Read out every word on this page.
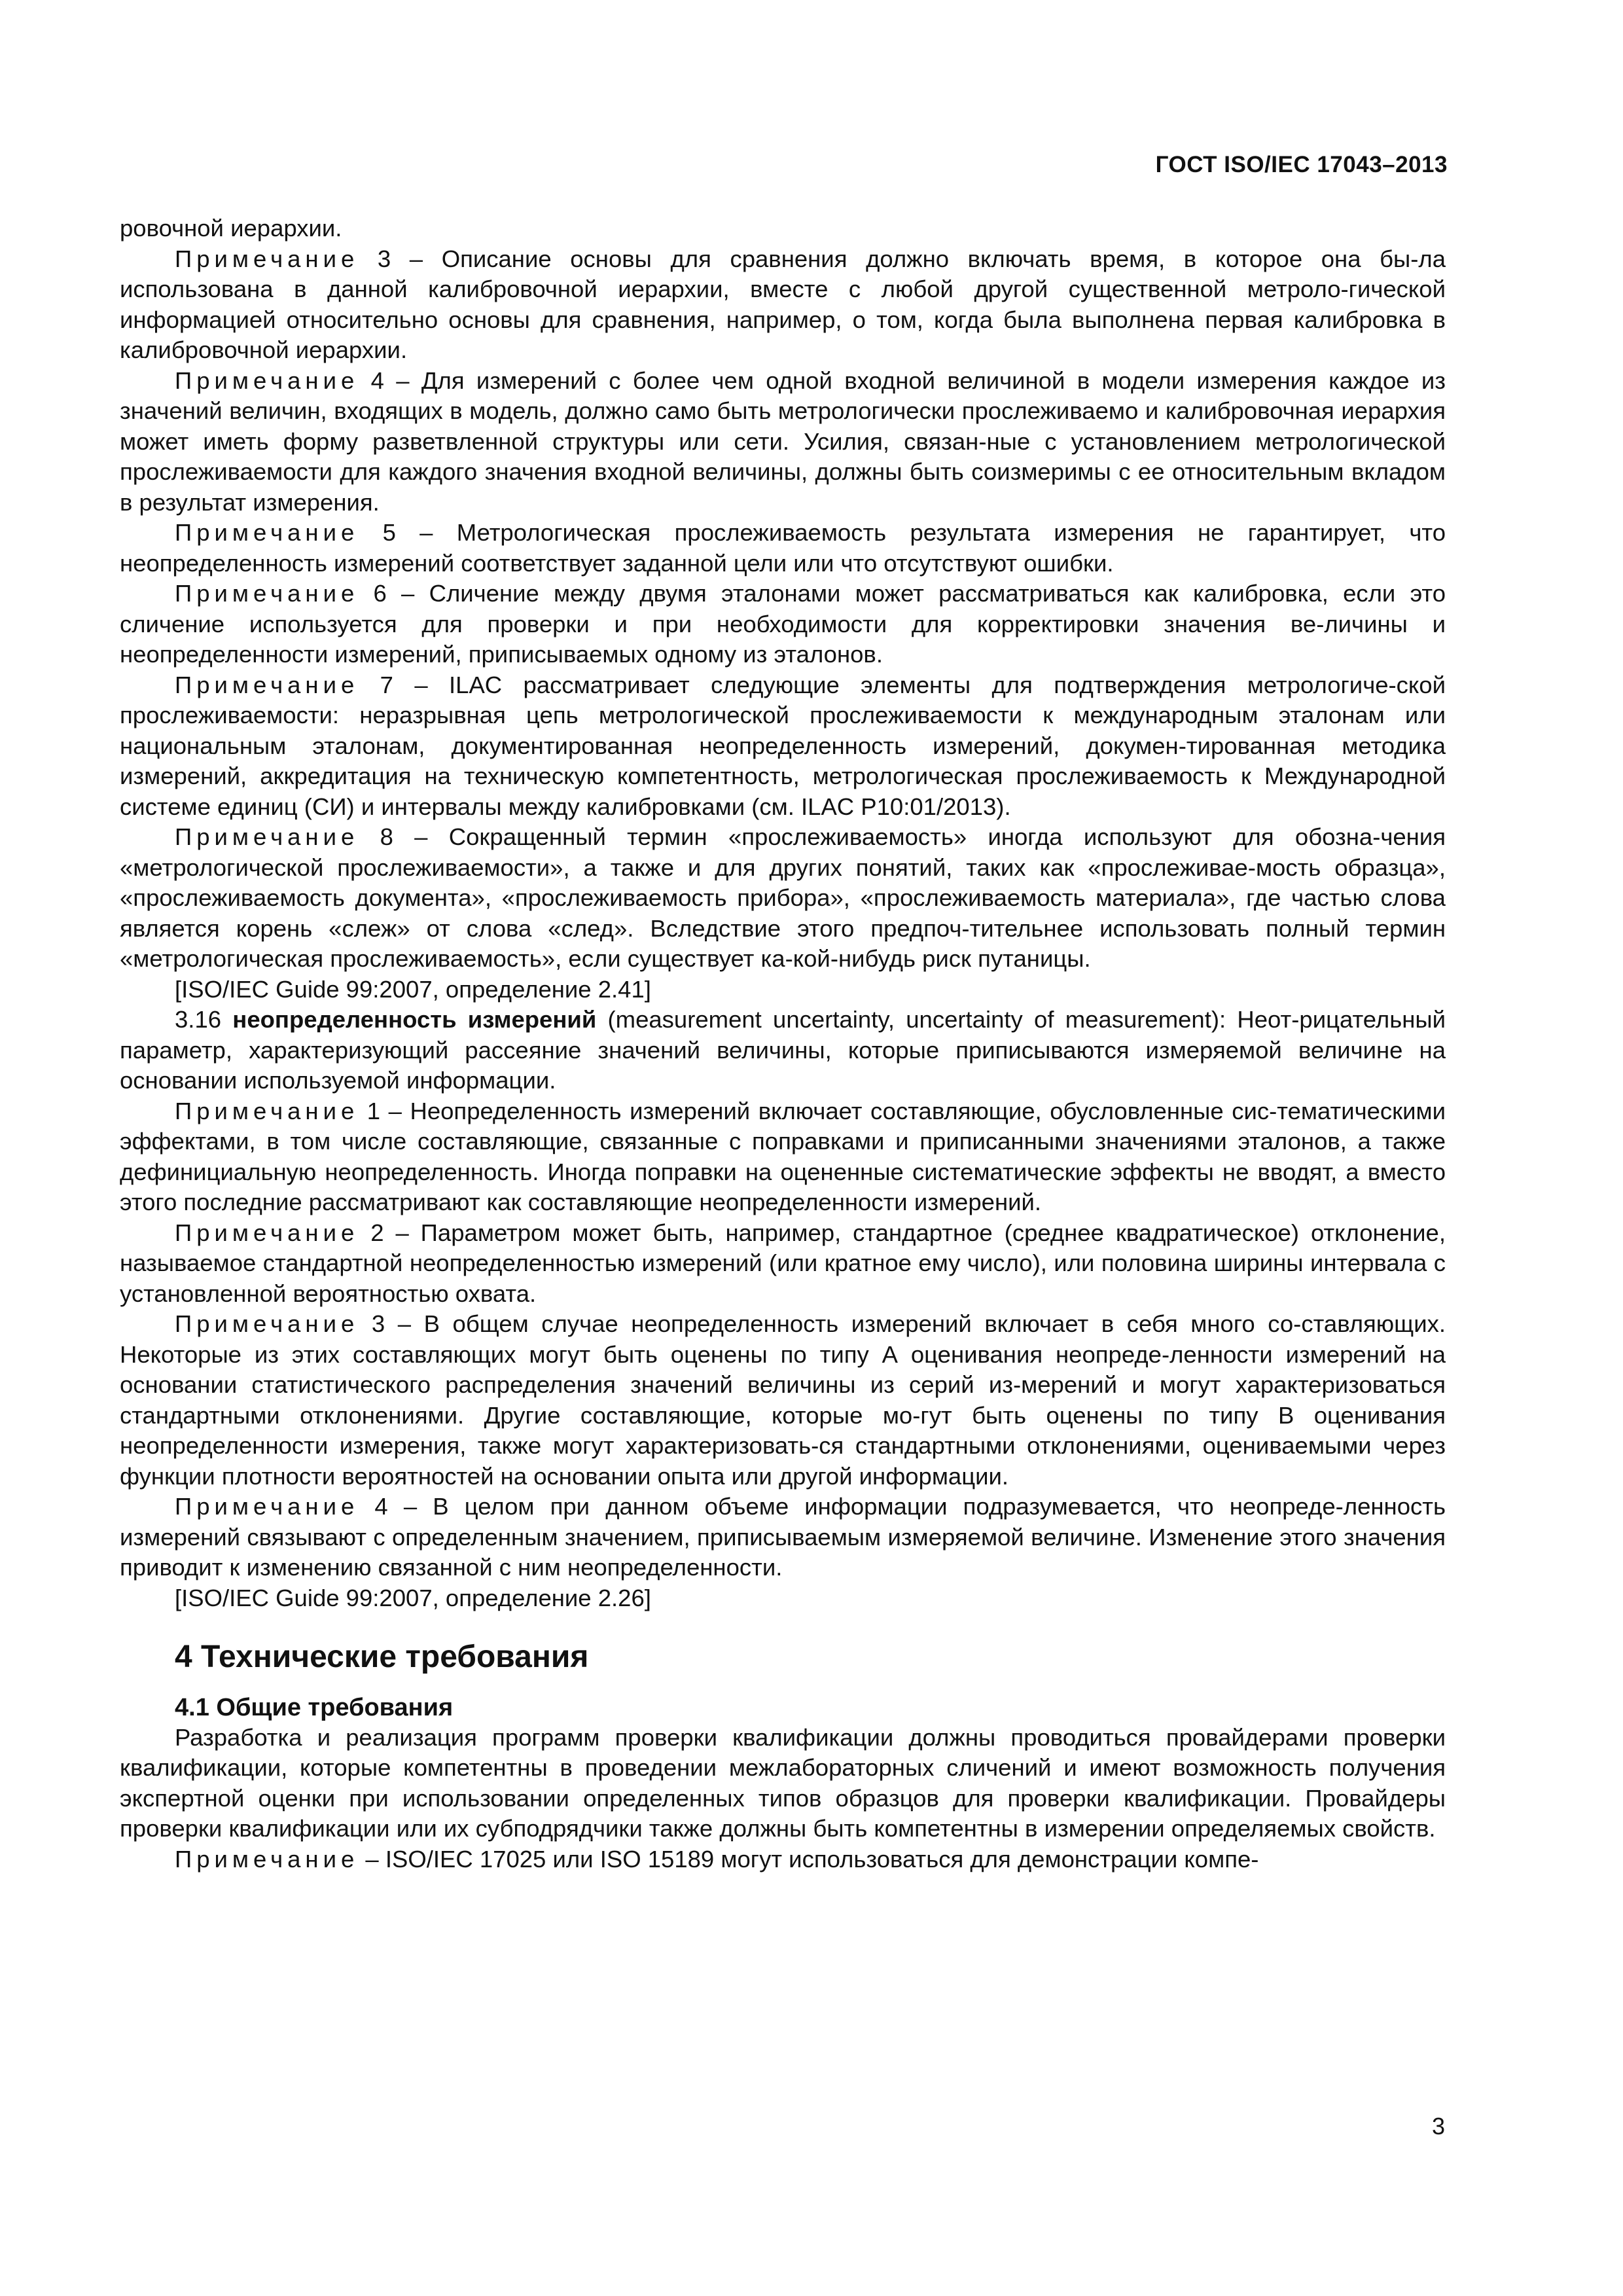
ГОСТ ISO/IEC 17043–2013

ровочной иерархии.

Примечание 3 – Описание основы для сравнения должно включать время, в которое она бы-ла использована в данной калибровочной иерархии, вместе с любой другой существенной метроло-гической информацией относительно основы для сравнения, например, о том, когда была выполнена первая калибровка в калибровочной иерархии.

Примечание 4 – Для измерений с более чем одной входной величиной в модели измерения каждое из значений величин, входящих в модель, должно само быть метрологически прослеживаемо и калибровочная иерархия может иметь форму разветвленной структуры или сети. Усилия, связан-ные с установлением метрологической прослеживаемости для каждого значения входной величины, должны быть соизмеримы с ее относительным вкладом в результат измерения.

Примечание 5 – Метрологическая прослеживаемость результата измерения не гарантирует, что неопределенность измерений соответствует заданной цели или что отсутствуют ошибки.

Примечание 6 – Сличение между двумя эталонами может рассматриваться как калибровка, если это сличение используется для проверки и при необходимости для корректировки значения ве-личины и неопределенности измерений, приписываемых одному из эталонов.

Примечание 7 – ILAC рассматривает следующие элементы для подтверждения метрологиче-ской прослеживаемости: неразрывная цепь метрологической прослеживаемости к международным эталонам или национальным эталонам, документированная неопределенность измерений, докумен-тированная методика измерений, аккредитация на техническую компетентность, метрологическая прослеживаемость к Международной системе единиц (СИ) и интервалы между калибровками (см. ILAC P10:01/2013).

Примечание 8 – Сокращенный термин «прослеживаемость» иногда используют для обозна-чения «метрологической прослеживаемости», а также и для других понятий, таких как «прослеживае-мость образца», «прослеживаемость документа», «прослеживаемость прибора», «прослеживаемость материала», где частью слова является корень «слеж» от слова «след». Вследствие этого предпоч-тительнее использовать полный термин «метрологическая прослеживаемость», если существует ка-кой-нибудь риск путаницы.

[ISO/IEC Guide 99:2007, определение 2.41]

3.16 неопределенность измерений (measurement uncertainty, uncertainty of measurement): Неот-рицательный параметр, характеризующий рассеяние значений величины, которые приписываются измеряемой величине на основании используемой информации.

Примечание 1 – Неопределенность измерений включает составляющие, обусловленные сис-тематическими эффектами, в том числе составляющие, связанные с поправками и приписанными значениями эталонов, а также дефинициальную неопределенность. Иногда поправки на оцененные систематические эффекты не вводят, а вместо этого последние рассматривают как составляющие неопределенности измерений.

Примечание 2 – Параметром может быть, например, стандартное (среднее квадратическое) отклонение, называемое стандартной неопределенностью измерений (или кратное ему число), или половина ширины интервала с установленной вероятностью охвата.

Примечание 3 – В общем случае неопределенность измерений включает в себя много со-ставляющих. Некоторые из этих составляющих могут быть оценены по типу А оценивания неопреде-ленности измерений на основании статистического распределения значений величины из серий из-мерений и могут характеризоваться стандартными отклонениями. Другие составляющие, которые мо-гут быть оценены по типу В оценивания неопределенности измерения, также могут характеризовать-ся стандартными отклонениями, оцениваемыми через функции плотности вероятностей на основании опыта или другой информации.

Примечание 4 – В целом при данном объеме информации подразумевается, что неопреде-ленность измерений связывают с определенным значением, приписываемым измеряемой величине. Изменение этого значения приводит к изменению связанной с ним неопределенности.

[ISO/IEC Guide 99:2007, определение 2.26]

4 Технические требования
4.1 Общие требования

Разработка и реализация программ проверки квалификации должны проводиться провайдерами проверки квалификации, которые компетентны в проведении межлабораторных сличений и имеют возможность получения экспертной оценки при использовании определенных типов образцов для проверки квалификации. Провайдеры проверки квалификации или их субподрядчики также должны быть компетентны в измерении определяемых свойств.

Примечание – ISO/IEC 17025 или ISO 15189 могут использоваться для демонстрации компе-

3
